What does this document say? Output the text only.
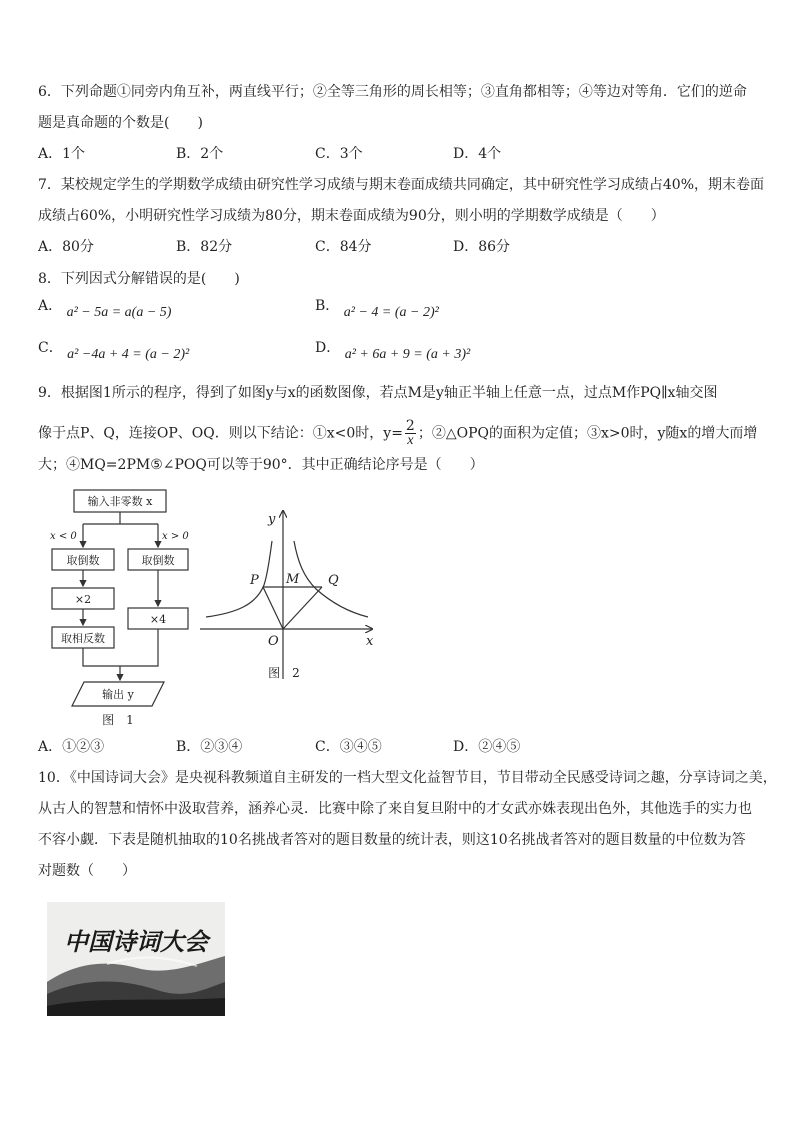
6．下列命题①同旁内角互补，两直线平行；②全等三角形的周长相等；③直角都相等；④等边对等角．它们的逆命
题是真命题的个数是(　　)
A．1个	B．2个	C．3个	D．4个
7．某校规定学生的学期数学成绩由研究性学习成绩与期末卷面成绩共同确定，其中研究性学习成绩占40%，期末卷面
成绩占60%，小明研究性学习成绩为80分，期末卷面成绩为90分，则小明的学期数学成绩是（　　）
A．80分	B．82分	C．84分	D．86分
8．下列因式分解错误的是(　　)
A． a² − 5a = a(a − 5)	B． a² − 4 = (a − 2)²
C． a² −4a + 4 = (a − 2)²	D． a² + 6a + 9 = (a + 3)²
9．根据图1所示的程序，得到了如图y与x的函数图像，若点M是y轴正半轴上任意一点，过点M作PQ∥x轴交图
像于点P、Q，连接OP、OQ．则以下结论：①x<0时，$y= \frac{2}{x}$ ；②△OPQ的面积为定值；③x>0时，y随x的增大而增
大；④MQ=2PM⑤∠POQ可以等于90°．其中正确结论序号是（　　）
输入非零数 x
x < 0	x > 0
取倒数
×2
取相反数
取倒数
×4
输出 y
图　1
y
x
O
P M Q
图　2
A．①②③	B．②③④	C．③④⑤	D．②④⑤
10．《中国诗词大会》是央视科教频道自主研发的一档大型文化益智节目，节目带动全民感受诗词之趣，分享诗词之美，
从古人的智慧和情怀中汲取营养，涵养心灵．比赛中除了来自复旦附中的才女武亦姝表现出色外，其他选手的实力也
不容小觑．下表是随机抽取的10名挑战者答对的题目数量的统计表，则这10名挑战者答对的题目数量的中位数为答
对题数（　　）
中国诗词大会
